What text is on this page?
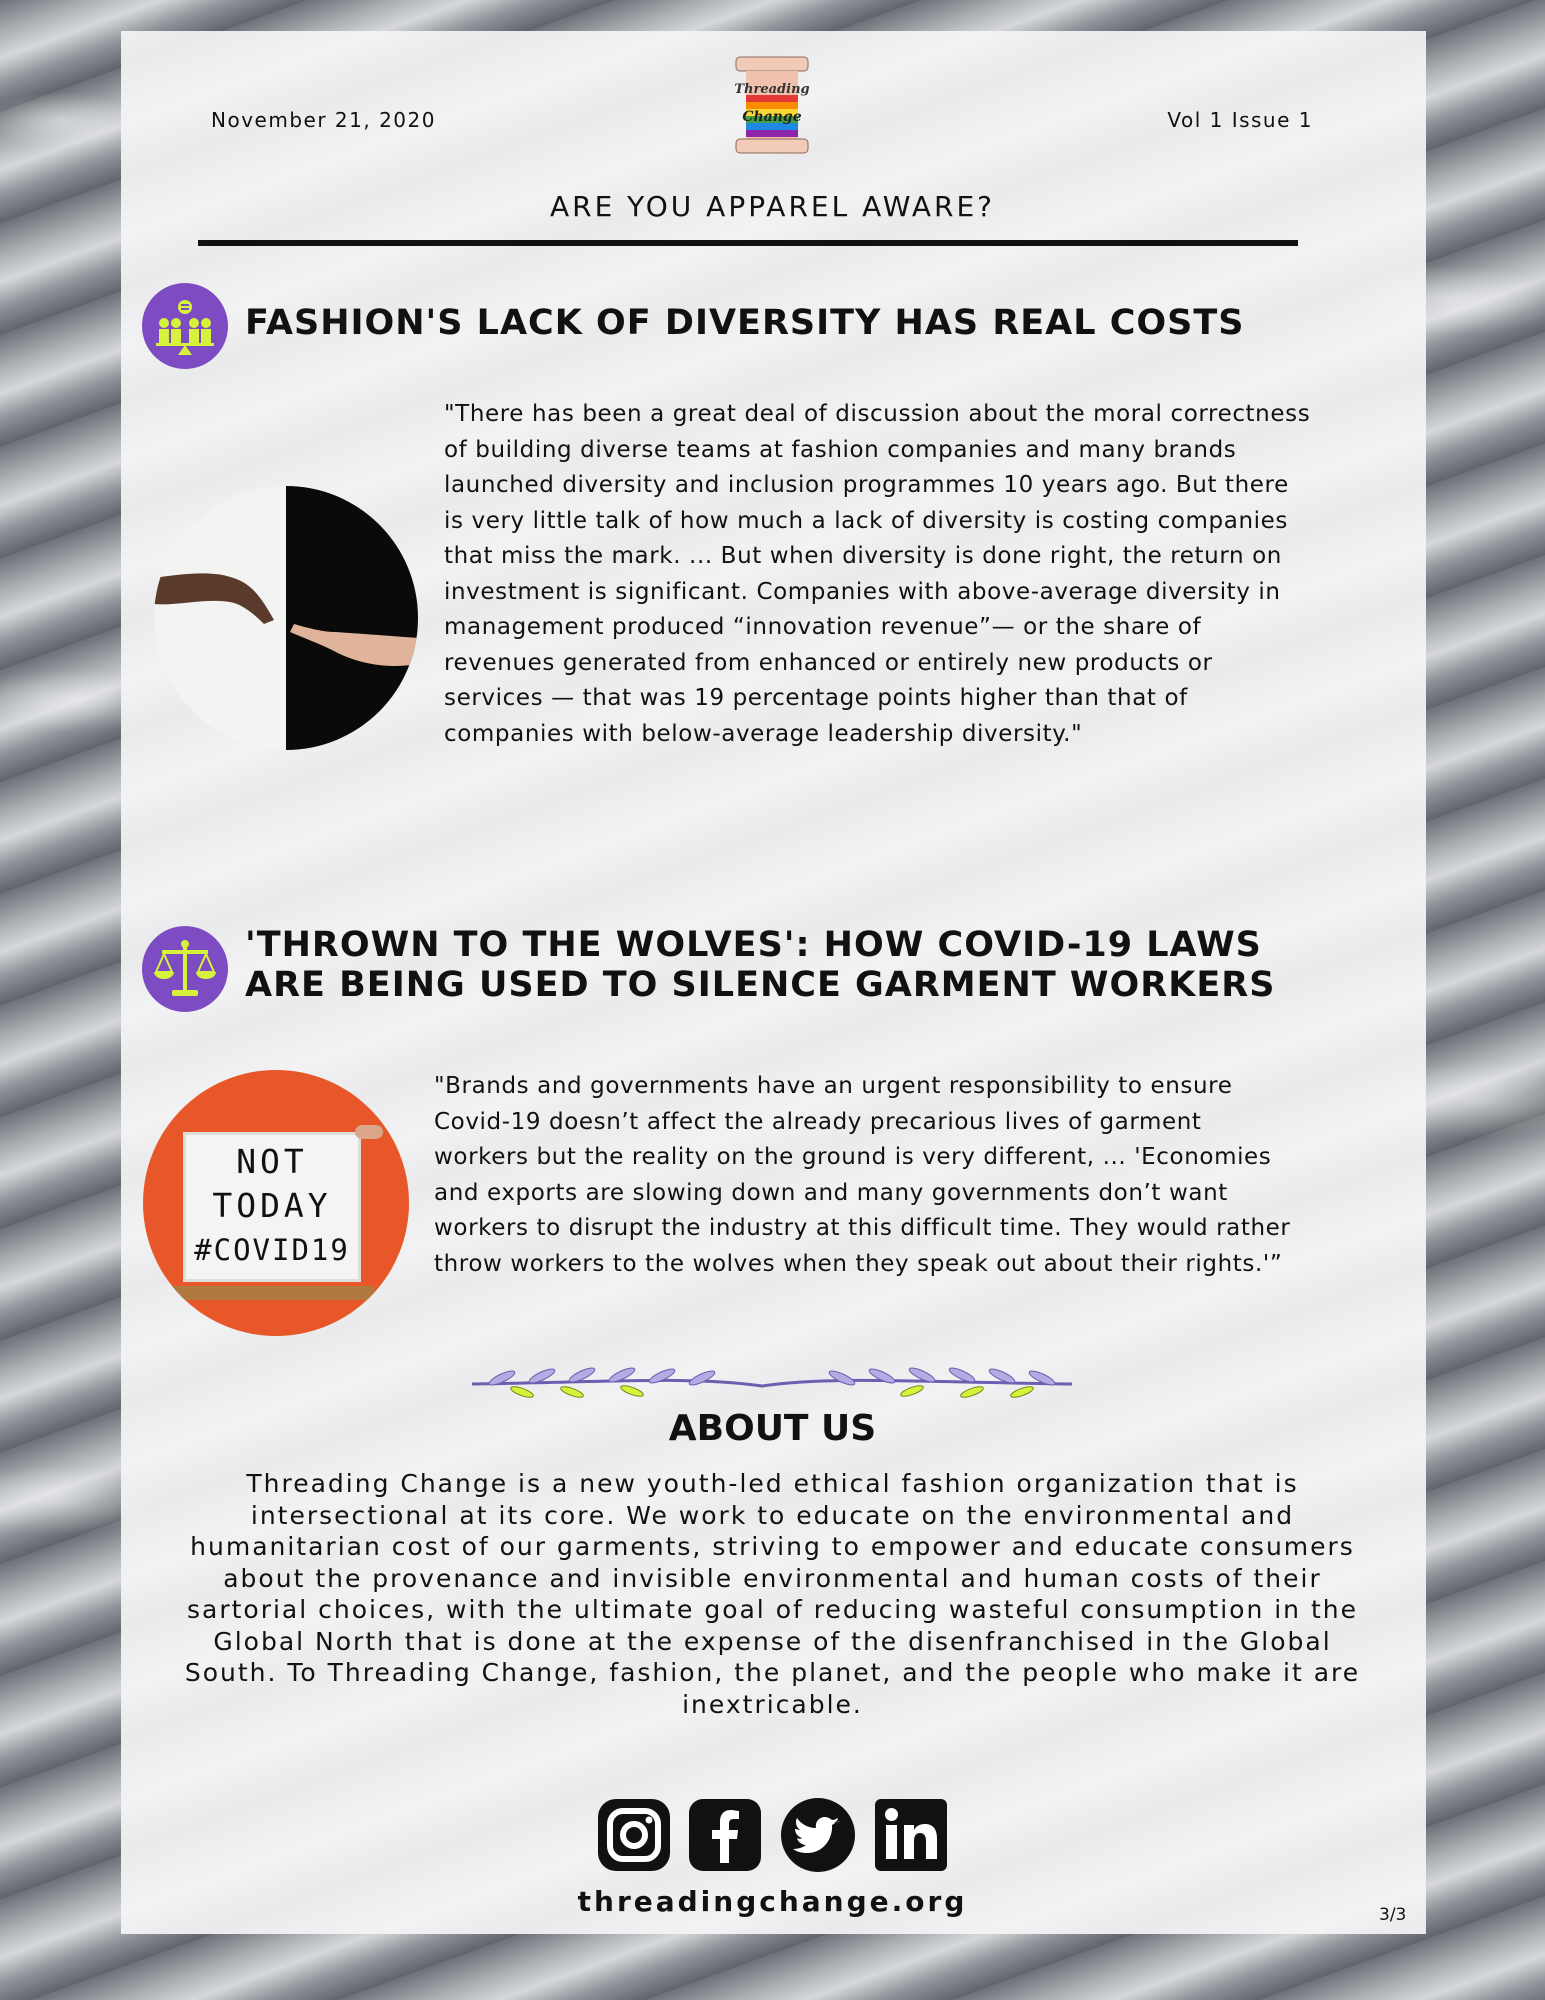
November 21, 2020	Vol 1 Issue 1
Threading
Change
ARE YOU APPAREL AWARE?
FASHION'S LACK OF DIVERSITY HAS REAL COSTS
"There has been a great deal of discussion about the moral correctness of building diverse teams at fashion companies and many brands launched diversity and inclusion programmes 10 years ago. But there is very little talk of how much a lack of diversity is costing companies that miss the mark. ... But when diversity is done right, the return on investment is significant. Companies with above-average diversity in management produced “innovation revenue”— or the share of revenues generated from enhanced or entirely new products or services — that was 19 percentage points higher than that of companies with below-average leadership diversity."
'THROWN TO THE WOLVES': HOW COVID-19 LAWS
ARE BEING USED TO SILENCE GARMENT WORKERS
NOT
TODAY
#COVID19
"Brands and governments have an urgent responsibility to ensure Covid-19 doesn’t affect the already precarious lives of garment workers but the reality on the ground is very different, ... 'Economies and exports are slowing down and many governments don’t want workers to disrupt the industry at this difficult time. They would rather throw workers to the wolves when they speak out about their rights.'”
ABOUT US
Threading Change is a new youth-led ethical fashion organization that is intersectional at its core. We work to educate on the environmental and humanitarian cost of our garments, striving to empower and educate consumers about the provenance and invisible environmental and human costs of their sartorial choices, with the ultimate goal of reducing wasteful consumption in the Global North that is done at the expense of the disenfranchised in the Global South. To Threading Change, fashion, the planet, and the people who make it are inextricable.
threadingchange.org	3/3
